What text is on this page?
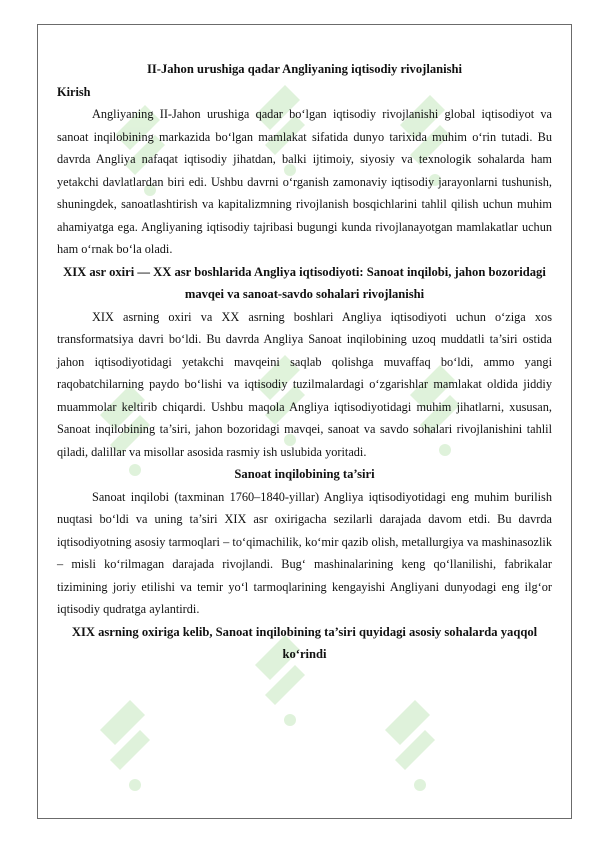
II-Jahon urushiga qadar Angliyaning iqtisodiy rivojlanishi
Kirish

Angliyaning II-Jahon urushiga qadar bo‘lgan iqtisodiy rivojlanishi global iqtisodiyot va sanoat inqilobining markazida bo‘lgan mamlakat sifatida dunyo tarixida muhim o‘rin tutadi. Bu davrda Angliya nafaqat iqtisodiy jihatdan, balki ijtimoiy, siyosiy va texnologik sohalarda ham yetakchi davlatlardan biri edi. Ushbu davrni o‘rganish zamonaviy iqtisodiy jarayonlarni tushunish, shuningdek, sanoatlashtirish va kapitalizmning rivojlanish bosqichlarini tahlil qilish uchun muhim ahamiyatga ega. Angliyaning iqtisodiy tajribasi bugungi kunda rivojlanayotgan mamlakatlar uchun ham o‘rnak bo‘la oladi.

XIX asr oxiri — XX asr boshlarida Angliya iqtisodiyoti: Sanoat inqilobi, jahon bozoridagi mavqei va sanoat-savdo sohalari rivojlanishi

XIX asrning oxiri va XX asrning boshlari Angliya iqtisodiyoti uchun o‘ziga xos transformatsiya davri bo‘ldi. Bu davrda Angliya Sanoat inqilobining uzoq muddatli ta’siri ostida jahon iqtisodiyotidagi yetakchi mavqeini saqlab qolishga muvaffaq bo‘ldi, ammo yangi raqobatchilarning paydo bo‘lishi va iqtisodiy tuzilmalardagi o‘zgarishlar mamlakat oldida jiddiy muammolar keltirib chiqardi. Ushbu maqola Angliya iqtisodiyotidagi muhim jihatlarni, xususan, Sanoat inqilobining ta’siri, jahon bozoridagi mavqei, sanoat va savdo sohalari rivojlanishini tahlil qiladi, dalillar va misollar asosida rasmiy ish uslubida yoritadi.

Sanoat inqilobining ta’siri

Sanoat inqilobi (taxminan 1760–1840-yillar) Angliya iqtisodiyotidagi eng muhim burilish nuqtasi bo‘ldi va uning ta’siri XIX asr oxirigacha sezilarli darajada davom etdi. Bu davrda iqtisodiyotning asosiy tarmoqlari – to‘qimachilik, ko‘mir qazib olish, metallurgiya va mashinasozlik – misli ko‘rilmagan darajada rivojlandi. Bug‘ mashinalarining keng qo‘llanilishi, fabrikalar tizimining joriy etilishi va temir yo‘l tarmoqlarining kengayishi Angliyani dunyodagi eng ilg‘or iqtisodiy qudratga aylantirdi.

XIX asrning oxiriga kelib, Sanoat inqilobining ta’siri quyidagi asosiy sohalarda yaqqol ko‘rindi
